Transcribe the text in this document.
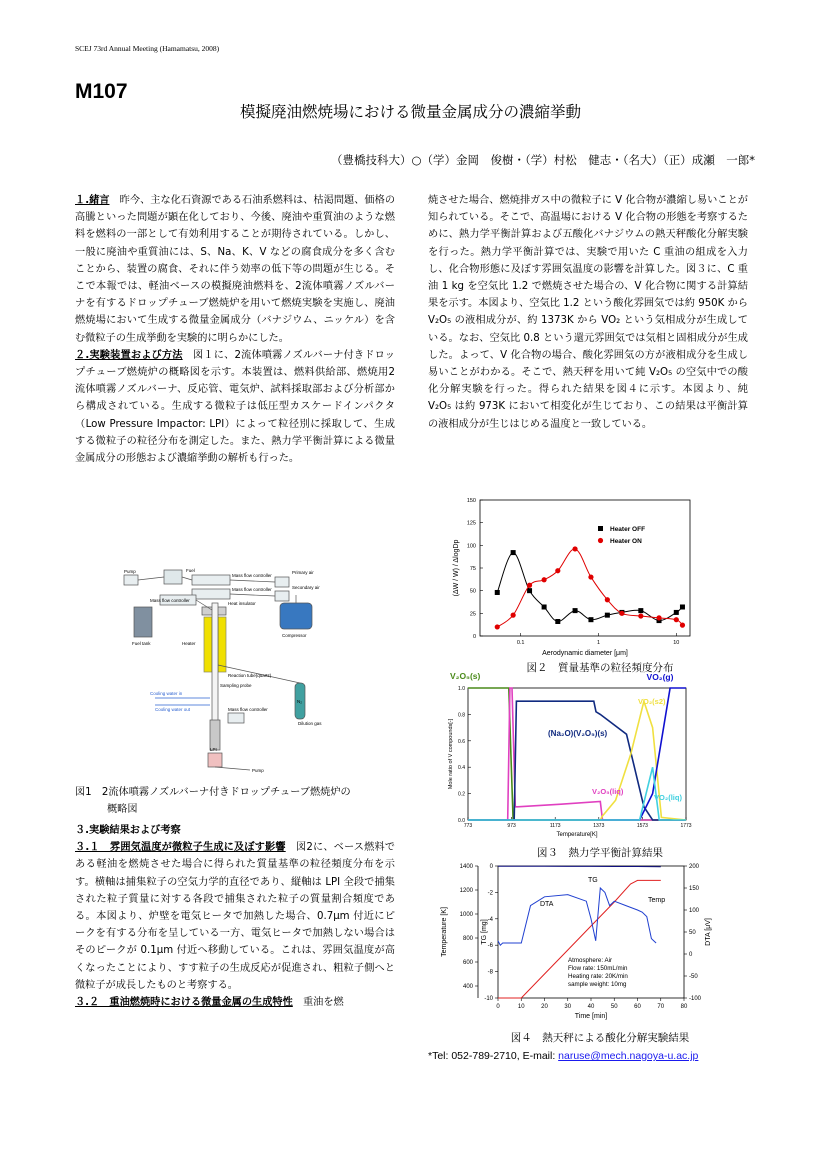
SCEJ 73rd Annual Meeting (Hamamatsu, 2008)
M107
模擬廃油燃焼場における微量金属成分の濃縮挙動
（豊橋技科大）○（学）金岡　俊樹・（学）村松　健志・（名大）（正）成瀬　一郎*

１.緒言　昨今、主な化石資源である石油系燃料は、枯渇問題、価格の高騰といった問題が顕在化しており、今後、廃油や重質油のような燃料を燃料の一部として有効利用することが期待されている。しかし、一般に廃油や重質油には、S、Na、K、V などの腐食成分を多く含むことから、装置の腐食、それに伴う効率の低下等の問題が生じる。そこで本報では、軽油ベースの模擬廃油燃料を、2流体噴霧ノズルバーナを有するドロップチューブ燃焼炉を用いて燃焼実験を実施し、廃油燃焼場において生成する微量金属成分（バナジウム、ニッケル）を含む微粒子の生成挙動を実験的に明らかにした。

２.実験装置および方法　図１に、2流体噴霧ノズルバーナ付きドロップチューブ燃焼炉の概略図を示す。本装置は、燃料供給部、燃焼用2流体噴霧ノズルバーナ、反応管、電気炉、試料採取部および分析部から構成されている。生成する微粒子は低圧型カスケードインパクタ（Low Pressure Impactor: LPI）によって粒径別に採取して、生成する微粒子の粒径分布を測定した。また、熱力学平衡計算による微量金属成分の形態および濃縮挙動の解析も行った。

Pump	Fuel	Primary air
Mass flow controller
Mass flow controller	Secondary air
Mass flow controller
Heat insulator
Compressor
Fuel tank	Heater
Reaction tube(quartz)
Sampling probe
Cooling water in
Cooling water out	Mass flow controller
N₂
Dilution gas
LPI
Pump
図1　2流体噴霧ノズルバーナ付きドロップチューブ燃焼炉の
概略図

３.実験結果および考察

３.１　雰囲気温度が微粒子生成に及ぼす影響　図2に、ベース燃料である軽油を燃焼させた場合に得られた質量基準の粒径頻度分布を示す。横軸は捕集粒子の空気力学的直径であり、縦軸は LPI 全段で捕集された粒子質量に対する各段で捕集された粒子の質量割合頻度である。本図より、炉壁を電気ヒータで加熱した場合、0.7μm 付近にピークを有する分布を呈している一方、電気ヒータで加熱しない場合はそのピークが 0.1μm 付近へ移動している。これは、雰囲気温度が高くなったことにより、すす粒子の生成反応が促進され、粗粒子側へと微粒子が成長したものと考察する。

３.２　重油燃焼時における微量金属の生成特性　重油を燃

焼させた場合、燃焼排ガス中の微粒子に V 化合物が濃縮し易いことが知られている。そこで、高温場における V 化合物の形態を考察するために、熱力学平衡計算および五酸化バナジウムの熱天秤酸化分解実験を行った。熱力学平衡計算では、実験で用いた C 重油の組成を入力し、化合物形態に及ぼす雰囲気温度の影響を計算した。図３に、C 重油 1 kg を空気比 1.2 で燃焼させた場合の、V 化合物に関する計算結果を示す。本図より、空気比 1.2 という酸化雰囲気では約 950K から V₂O₅ の液相成分が、約 1373K から VO₂ という気相成分が生成している。なお、空気比 0.8 という還元雰囲気では気相と固相成分が生成した。よって、V 化合物の場合、酸化雰囲気の方が液相成分を生成し易いことがわかる。そこで、熱天秤を用いて純 V₂O₅ の空気中での酸化分解実験を行った。得られた結果を図４に示す。本図より、純 V₂O₅ は約 973K において相変化が生じており、この結果は平衡計算の液相成分が生じはじめる温度と一致している。

0
25
50
75
100
125
150
0.1	1	10
Aerodynamic diameter [μm]
(ΔW / W) / ΔlogDp
Heater OFF
Heater ON
図２　質量基準の粒径頻度分布
0.0
0.2
0.4
0.6
0.8
1.0
773	973	1173	1373	1573	1773
Temperature[K]
Mole ratio of V compounds[-]
V₂O₅(s)
(Na₂O)(V₂O₅)(s)
V₂O₅(liq)
VO₂(s2)
VO₂(g)
VO₂(liq)
図３　熱力学平衡計算結果
400
600
800
1000
1200
1400
-10
-8
-6
-4
-2
0
-100
-50
0
50
100
150
200
0	10	20	30	40	50	60	70	80
Time [min]
Temperature [K]	TG [mg]	DTA [μV]
TG
DTA
Temp
Atmosphere: Air
Flow rate: 150mL/min
Heating rate: 20K/min
sample weight: 10mg
図４　熱天秤による酸化分解実験結果
*Tel: 052-789-2710, E-mail: naruse@mech.nagoya-u.ac.jp
